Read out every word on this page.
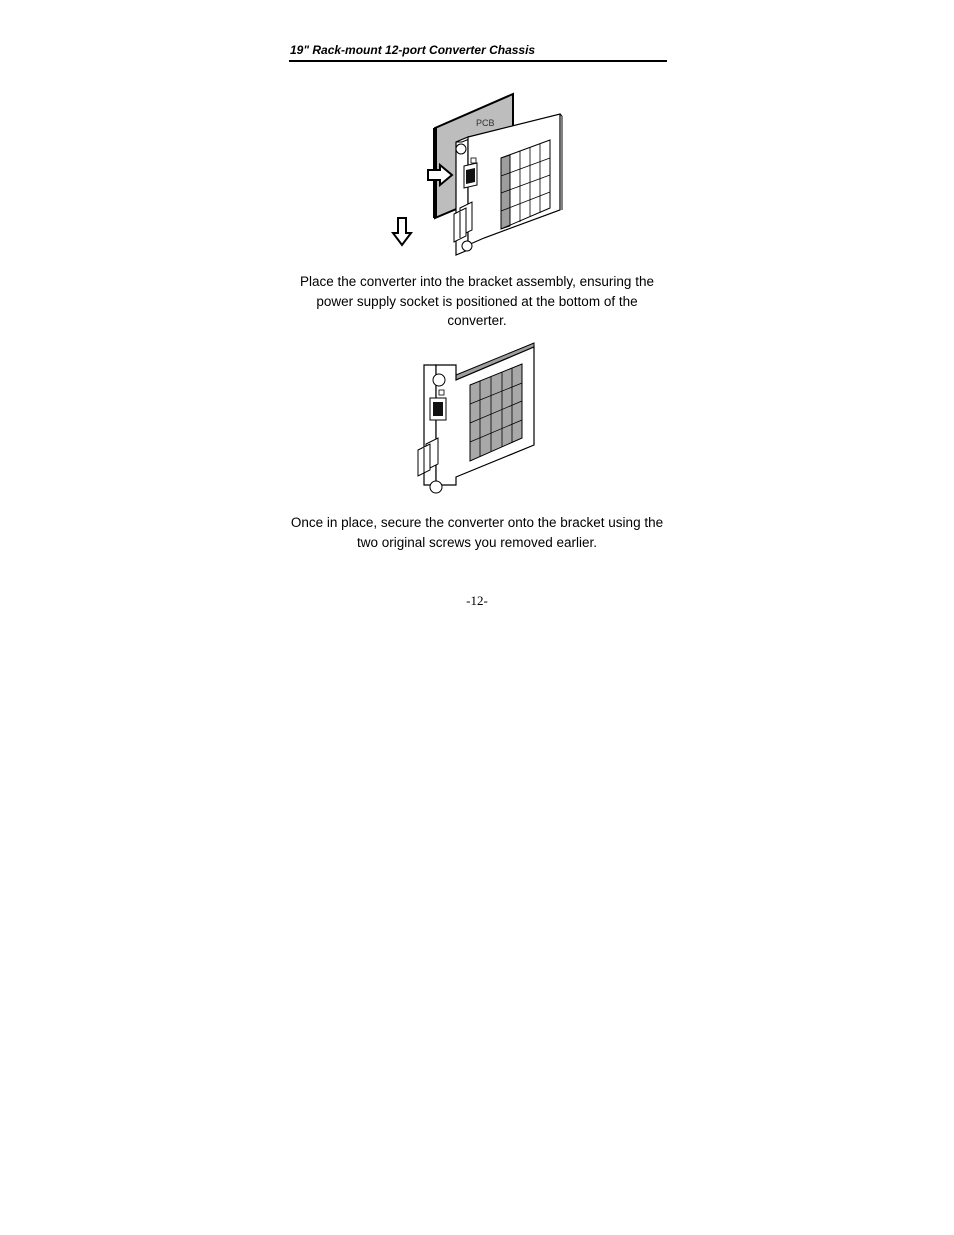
19" Rack-mount 12-port Converter Chassis
PCB
Place the converter into the bracket assembly, ensuring the power supply socket is positioned at the bottom of the converter.
Once in place, secure the converter onto the bracket using the two original screws you removed earlier.
-12-
